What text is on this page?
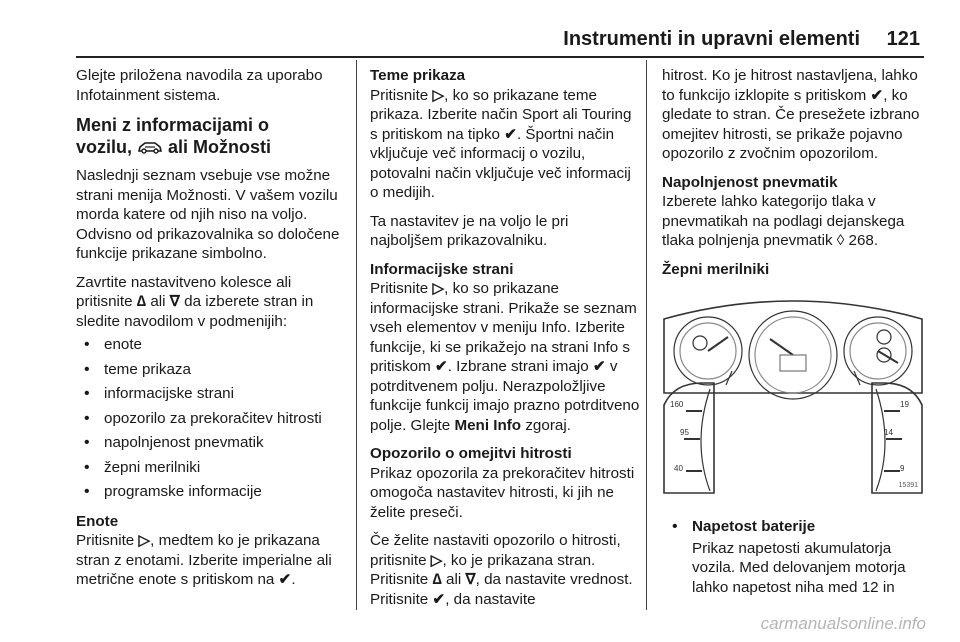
Instrumenti in upravni elementi	121

Glejte priložena navodila za uporabo Infotainment sistema.

Meni z informacijami o
vozilu, ali Možnosti

Naslednji seznam vsebuje vse možne strani menija Možnosti. V vašem vozilu morda katere od njih niso na voljo. Odvisno od prikazovalnika so določene funkcije prikazane simbolno.

Zavrtite nastavitveno kolesce ali pritisnite ∆ ali ∇ da izberete stran in sledite navodilom v podmenijih:

• enote
• teme prikaza
• informacijske strani
• opozorilo za prekoračitev hitrosti
• napolnjenost pnevmatik
• žepni merilniki
• programske informacije
Enote

Pritisnite ▷, medtem ko je prikazana stran z enotami. Izberite imperialne ali metrične enote s pritiskom na ✔.

Teme prikaza

Pritisnite ▷, ko so prikazane teme prikaza. Izberite način Sport ali Touring s pritiskom na tipko ✔. Športni način vključuje več informacij o vozilu, potovalni način vključuje več informacij o medijih.

Ta nastavitev je na voljo le pri najboljšem prikazovalniku.

Informacijske strani

Pritisnite ▷, ko so prikazane informacijske strani. Prikaže se seznam vseh elementov v meniju Info. Izberite funkcije, ki se prikažejo na strani Info s pritiskom ✔. Izbrane strani imajo ✔ v potrditvenem polju. Nerazpoložljive funkcije funkcij imajo prazno potrditveno polje. Glejte Meni Info zgoraj.

Opozorilo o omejitvi hitrosti

Prikaz opozorila za prekoračitev hitrosti omogoča nastavitev hitrosti, ki jih ne želite preseči.

Če želite nastaviti opozorilo o hitrosti, pritisnite ▷, ko je prikazana stran. Pritisnite ∆ ali ∇, da nastavite vrednost. Pritisnite ✔, da nastavite

hitrost. Ko je hitrost nastavljena, lahko to funkcijo izklopite s pritiskom ✔, ko gledate to stran. Če presežete izbrano omejitev hitrosti, se prikaže pojavno opozorilo z zvočnim opozorilom.

Napolnjenost pnevmatik

Izberete lahko kategorijo tlaka v pnevmatikah na podlagi dejanskega tlaka polnjenja pnevmatik ◊ 268.

Žepni merilniki
160
95
40
19
14
9
15391
• Napetost baterije
Prikaz napetosti akumulatorja vozila. Med delovanjem motorja lahko napetost niha med 12 in
carmanualsonline.info
